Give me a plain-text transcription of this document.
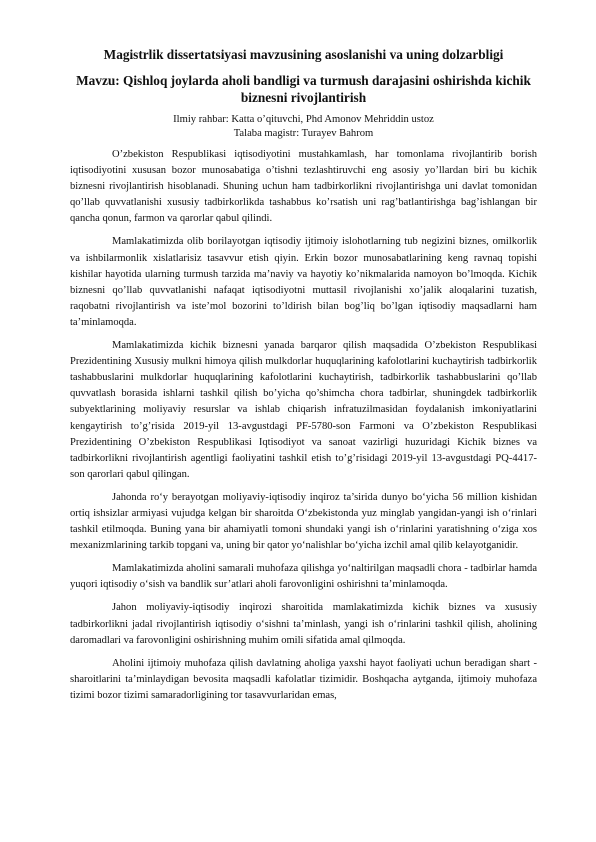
Magistrlik dissertatsiyasi mavzusining asoslanishi va uning dolzarbligi

Mavzu: Qishloq joylarda aholi bandligi va turmush darajasini oshirishda kichik biznesni rivojlantirish

Ilmiy rahbar: Katta o’qituvchi, Phd Amonov Mehriddin ustoz

Talaba magistr: Turayev Bahrom

O’zbekiston Respublikasi iqtisodiyotini mustahkamlash, har tomonlama rivojlantirib borish iqtisodiyotini xususan bozor munosabatiga o’tishni tezlashtiruvchi eng asosiy yo’llardan biri bu kichik biznesni rivojlantirish hisoblanadi. Shuning uchun ham tadbirkorlikni rivojlantirishga uni davlat tomonidan qo’llab quvvatlanishi xususiy tadbirkorlikda tashabbus ko’rsatish uni rag’batlantirishga bag’ishlangan bir qancha qonun, farmon va qarorlar qabul qilindi.

Mamlakatimizda olib borilayotgan iqtisodiy ijtimoiy islohotlarning tub negizini biznes, omilkorlik va ishbilarmonlik xislatlarisiz tasavvur etish qiyin. Erkin bozor munosabatlarining keng ravnaq topishi kishilar hayotida ularning turmush tarzida ma’naviy va hayotiy ko’nikmalarida namoyon bo’lmoqda. Kichik biznesni qo’llab quvvatlanishi nafaqat iqtisodiyotni muttasil rivojlanishi xo’jalik aloqalarini tuzatish, raqobatni rivojlantirish va iste’mol bozorini to’ldirish bilan bog’liq bo’lgan iqtisodiy maqsadlarni ham ta’minlamoqda.

Mamlakatimizda kichik biznesni yanada barqaror qilish maqsadida O’zbekiston Respublikasi Prezidentining Xususiy mulkni himoya qilish mulkdorlar huquqlarining kafolotlarini kuchaytirish tadbirkorlik tashabbuslarini mulkdorlar huquqlarining kafolotlarini kuchaytirish, tadbirkorlik tashabbuslarini qo’llab quvvatlash borasida ishlarni tashkil qilish bo’yicha qo’shimcha chora tadbirlar, shuningdek tadbirkorlik subyektlarining moliyaviy resurslar va ishlab chiqarish infratuzilmasidan foydalanish imkoniyatlarini kengaytirish to’g’risida 2019-yil 13-avgustdagi PF-5780-son Farmoni va O’zbekiston Respublikasi Prezidentining O’zbekiston Respublikasi Iqtisodiyot va sanoat vazirligi huzuridagi Kichik biznes va tadbirkorlikni rivojlantirish agentligi faoliyatini tashkil etish to’g’risidagi 2019-yil 13-avgustdagi PQ-4417-son qarorlari qabul qilingan.

Jahonda ro‘y berayotgan moliyaviy-iqtisodiy inqiroz ta’sirida dunyo bo‘yicha 56 million kishidan ortiq ishsizlar armiyasi vujudga kelgan bir sharoitda O‘zbekistonda yuz minglab yangidan-yangi ish o‘rinlari tashkil etilmoqda. Buning yana bir ahamiyatli tomoni shundaki yangi ish o‘rinlarini yaratishning o‘ziga xos mexanizmlarining tarkib topgani va, uning bir qator yo‘nalishlar bo‘yicha izchil amal qilib kelayotganidir.

Mamlakatimizda aholini samarali muhofaza qilishga yo‘naltirilgan maqsadli chora - tadbirlar hamda yuqori iqtisodiy o‘sish va bandlik sur’atlari aholi farovonligini oshirishni ta’minlamoqda.

Jahon moliyaviy-iqtisodiy inqirozi sharoitida mamlakatimizda kichik biznes va xususiy tadbirkorlikni jadal rivojlantirish iqtisodiy o‘sishni ta’minlash, yangi ish o‘rinlarini tashkil qilish, aholining daromadlari va farovonligini oshirishning muhim omili sifatida amal qilmoqda.

Aholini ijtimoiy muhofaza qilish davlatning aholiga yaxshi hayot faoliyati uchun beradigan shart - sharoitlarini ta’minlaydigan bevosita maqsadli kafolatlar tizimidir. Boshqacha aytganda, ijtimoiy muhofaza tizimi bozor tizimi samaradorligining tor tasavvurlaridan emas,
